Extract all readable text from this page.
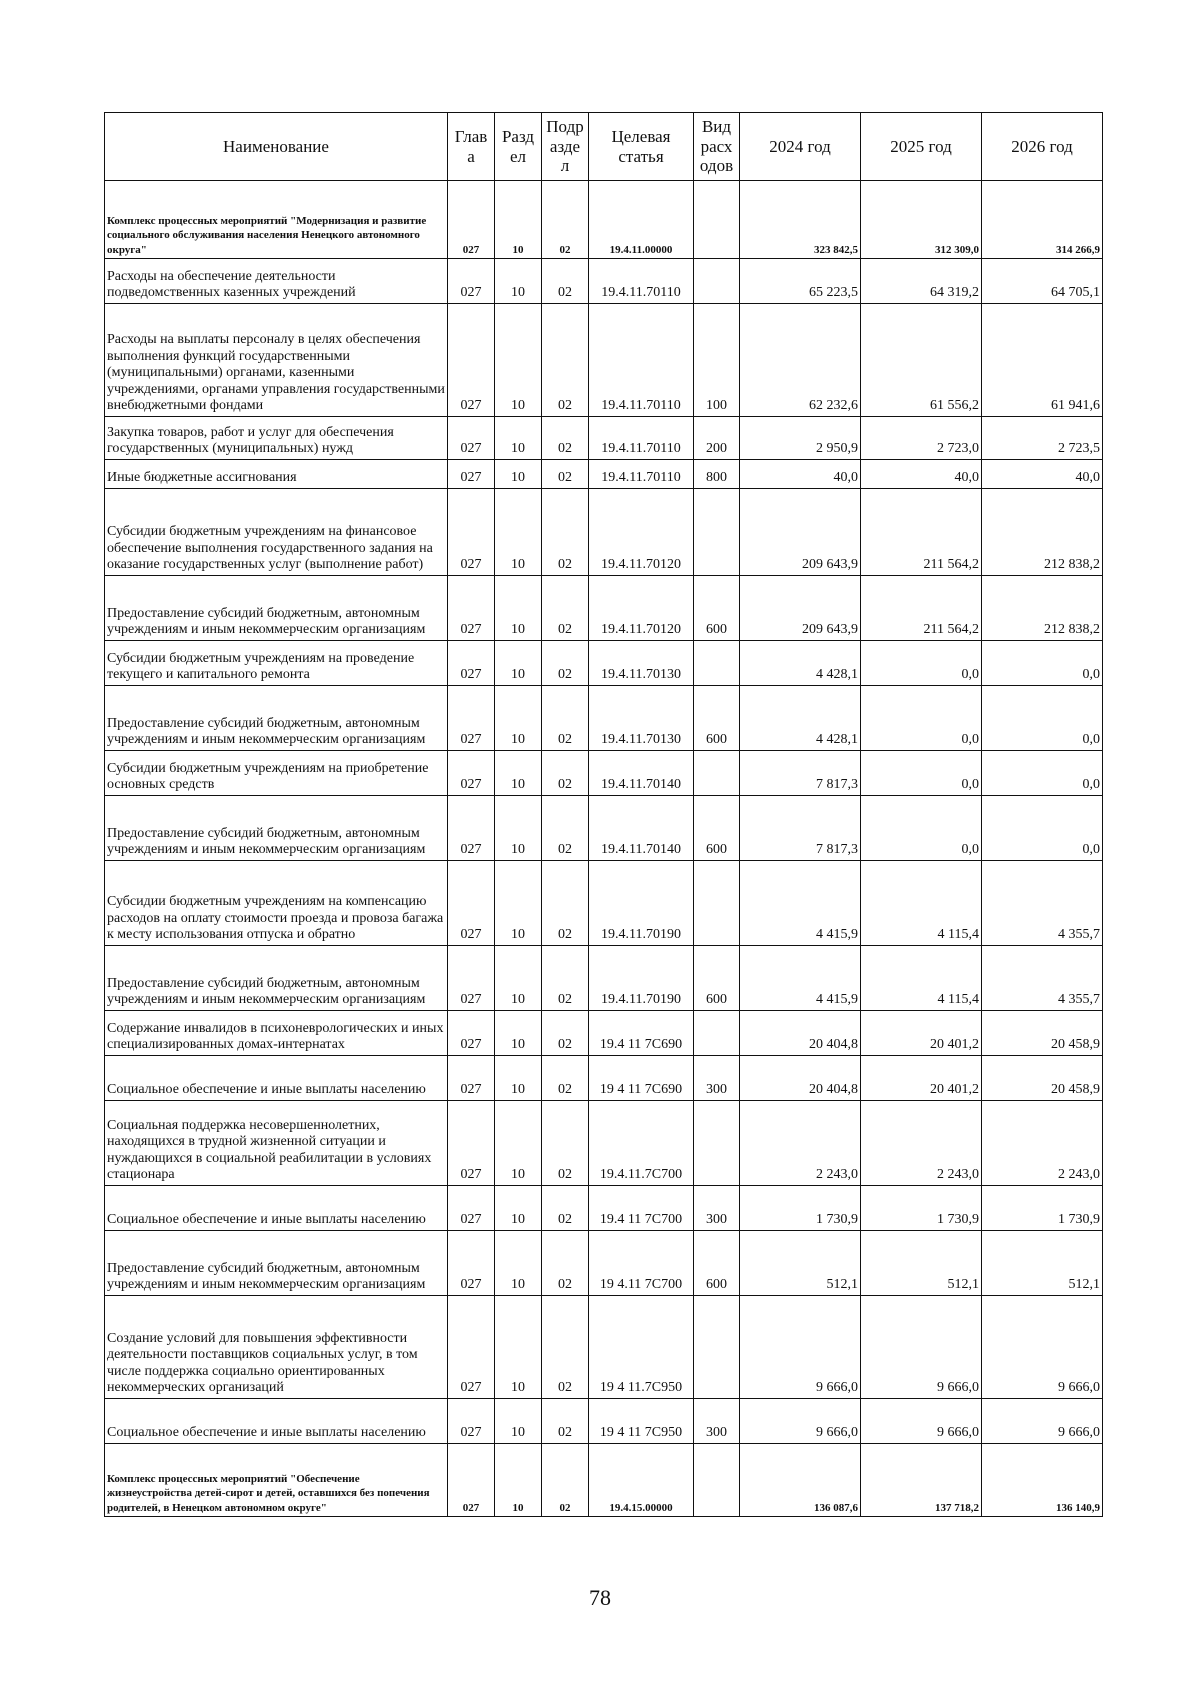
Наименование	Глав а	Разд ел	Подр азде л	Целевая статья	Вид расх одов	2024 год	2025 год	2026 год
Комплекс процессных мероприятий "Модернизация и развитие социального обслуживания населения Ненецкого автономного округа"	027	10	02	19.4.11.00000		323 842,5	312 309,0	314 266,9
Расходы на обеспечение деятельности подведомственных казенных учреждений	027	10	02	19.4.11.70110		65 223,5	64 319,2	64 705,1
Расходы на выплаты персоналу в целях обеспечения выполнения функций государственными (муниципальными) органами, казенными учреждениями, органами управления государственными внебюджетными фондами	027	10	02	19.4.11.70110	100	62 232,6	61 556,2	61 941,6
Закупка товаров, работ и услуг для обеспечения государственных (муниципальных) нужд	027	10	02	19.4.11.70110	200	2 950,9	2 723,0	2 723,5
Иные бюджетные ассигнования	027	10	02	19.4.11.70110	800	40,0	40,0	40,0
Субсидии бюджетным учреждениям на финансовое обеспечение выполнения государственного задания на оказание государственных услуг (выполнение работ)	027	10	02	19.4.11.70120		209 643,9	211 564,2	212 838,2
Предоставление субсидий бюджетным, автономным учреждениям и иным некоммерческим организациям	027	10	02	19.4.11.70120	600	209 643,9	211 564,2	212 838,2
Субсидии бюджетным учреждениям на проведение текущего и капитального ремонта	027	10	02	19.4.11.70130		4 428,1	0,0	0,0
Предоставление субсидий бюджетным, автономным учреждениям и иным некоммерческим организациям	027	10	02	19.4.11.70130	600	4 428,1	0,0	0,0
Субсидии бюджетным учреждениям на приобретение основных средств	027	10	02	19.4.11.70140		7 817,3	0,0	0,0
Предоставление субсидий бюджетным, автономным учреждениям и иным некоммерческим организациям	027	10	02	19.4.11.70140	600	7 817,3	0,0	0,0
Субсидии бюджетным учреждениям на компенсацию расходов на оплату стоимости проезда и провоза багажа к месту использования отпуска и обратно	027	10	02	19.4.11.70190		4 415,9	4 115,4	4 355,7
Предоставление субсидий бюджетным, автономным учреждениям и иным некоммерческим организациям	027	10	02	19.4.11.70190	600	4 415,9	4 115,4	4 355,7
Содержание инвалидов в психоневрологических и иных специализированных домах-интернатах	027	10	02	19.4 11 7С690		20 404,8	20 401,2	20 458,9
Социальное обеспечение и иные выплаты населению	027	10	02	19 4 11 7С690	300	20 404,8	20 401,2	20 458,9
Социальная поддержка несовершеннолетних, находящихся в трудной жизненной ситуации и нуждающихся в социальной реабилитации в условиях стационара	027	10	02	19.4.11.7С700		2 243,0	2 243,0	2 243,0
Социальное обеспечение и иные выплаты населению	027	10	02	19.4 11 7С700	300	1 730,9	1 730,9	1 730,9
Предоставление субсидий бюджетным, автономным учреждениям и иным некоммерческим организациям	027	10	02	19 4.11 7С700	600	512,1	512,1	512,1
Создание условий для повышения эффективности деятельности поставщиков социальных услуг, в том числе поддержка социально ориентированных некоммерческих организаций	027	10	02	19 4 11.7С950		9 666,0	9 666,0	9 666,0
Социальное обеспечение и иные выплаты населению	027	10	02	19 4 11 7С950	300	9 666,0	9 666,0	9 666,0
Комплекс процессных мероприятий "Обеспечение жизнеустройства детей-сирот и детей, оставшихся без попечения родителей, в Ненецком автономном округе"	027	10	02	19.4.15.00000		136 087,6	137 718,2	136 140,9
78
